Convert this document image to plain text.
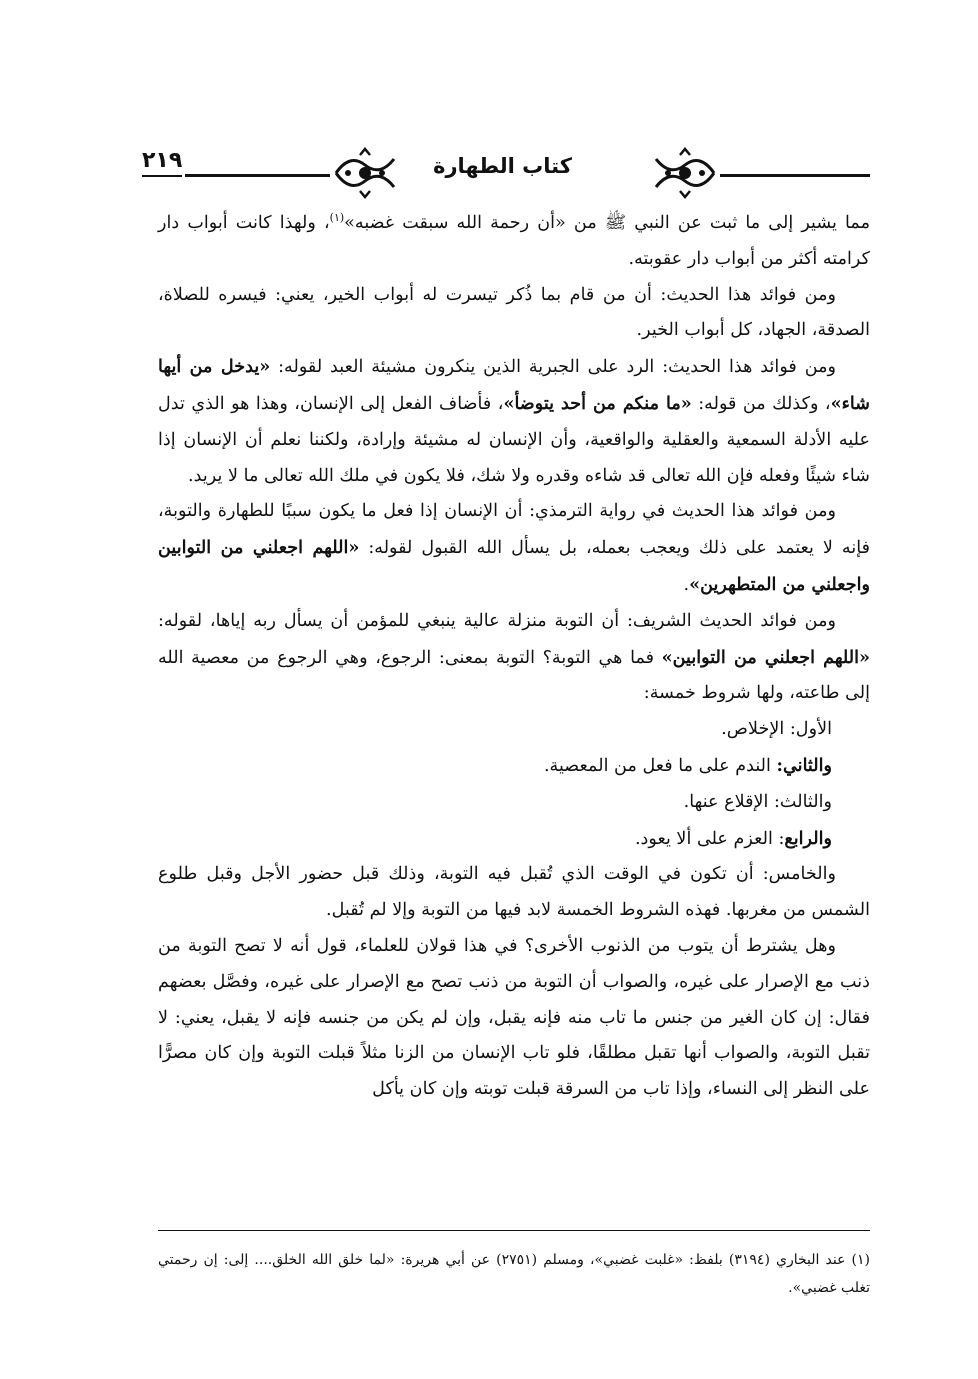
٢١٩	كتاب الطهارة

مما يشير إلى ما ثبت عن النبي ﷺ من «أن رحمة الله سبقت غضبه»$^{(١)}$، ولهذا كانت أبواب دار كرامته أكثر من أبواب دار عقوبته.

ومن فوائد هذا الحديث: أن من قام بما ذُكر تيسرت له أبواب الخير، يعني: فيسره للصلاة، الصدقة، الجهاد، كل أبواب الخير.

ومن فوائد هذا الحديث: الرد على الجبرية الذين ينكرون مشيئة العبد لقوله: «يدخل من أيها شاء»، وكذلك من قوله: «ما منكم من أحد يتوضأ»، فأضاف الفعل إلى الإنسان، وهذا هو الذي تدل عليه الأدلة السمعية والعقلية والواقعية، وأن الإنسان له مشيئة وإرادة، ولكننا نعلم أن الإنسان إذا شاء شيئًا وفعله فإن الله تعالى قد شاءه وقدره ولا شك، فلا يكون في ملك الله تعالى ما لا يريد.

ومن فوائد هذا الحديث في رواية الترمذي: أن الإنسان إذا فعل ما يكون سببًا للطهارة والتوبة، فإنه لا يعتمد على ذلك ويعجب بعمله، بل يسأل الله القبول لقوله: «اللهم اجعلني من التوابين واجعلني من المتطهرين».

ومن فوائد الحديث الشريف: أن التوبة منزلة عالية ينبغي للمؤمن أن يسأل ربه إياها، لقوله: «اللهم اجعلني من التوابين» فما هي التوبة؟ التوبة بمعنى: الرجوع، وهي الرجوع من معصية الله إلى طاعته، ولها شروط خمسة:

الأول: الإخلاص.

والثاني: الندم على ما فعل من المعصية.

والثالث: الإقلاع عنها.

والرابع: العزم على ألا يعود.

والخامس: أن تكون في الوقت الذي تُقبل فيه التوبة، وذلك قبل حضور الأجل وقبل طلوع الشمس من مغربها. فهذه الشروط الخمسة لابد فيها من التوبة وإلا لم تُقبل.

وهل يشترط أن يتوب من الذنوب الأخرى؟ في هذا قولان للعلماء، قول أنه لا تصح التوبة من ذنب مع الإصرار على غيره، والصواب أن التوبة من ذنب تصح مع الإصرار على غيره، وفصَّل بعضهم فقال: إن كان الغير من جنس ما تاب منه فإنه يقبل، وإن لم يكن من جنسه فإنه لا يقبل، يعني: لا تقبل التوبة، والصواب أنها تقبل مطلقًا، فلو تاب الإنسان من الزنا مثلاً قبلت التوبة وإن كان مصرًّا على النظر إلى النساء، وإذا تاب من السرقة قبلت توبته وإن كان يأكل

(١) عند البخاري (٣١٩٤) بلفظ: «غلبت غضبي»، ومسلم (٢٧٥١) عن أبي هريرة: «لما خلق الله الخلق.... إلى: إن رحمتي تغلب غضبي».
